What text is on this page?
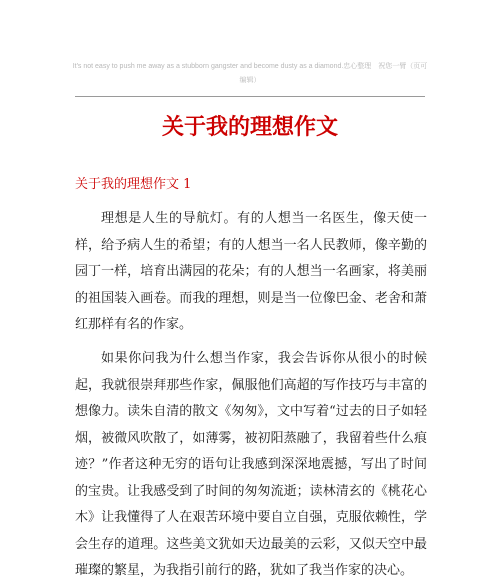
It's not easy to push me away as a stubborn gangster and become dusty as a diamond.忠心整理　祝您一臂（页可编辑）
关于我的理想作文
关于我的理想作文 1
理想是人生的导航灯。有的人想当一名医生，像天使一样，给予病人生的希望；有的人想当一名人民教师，像辛勤的园丁一样，培育出满园的花朵；有的人想当一名画家，将美丽的祖国装入画卷。而我的理想，则是当一位像巴金、老舍和萧红那样有名的作家。
如果你问我为什么想当作家，我会告诉你从很小的时候起，我就很崇拜那些作家，佩服他们高超的写作技巧与丰富的想像力。读朱自清的散文《匆匆》，文中写着“过去的日子如轻烟，被微风吹散了，如薄雾，被初阳蒸融了，我留着些什么痕迹？”作者这种无穷的语句让我感到深深地震撼，写出了时间的宝贵。让我感受到了时间的匆匆流逝；读林清玄的《桃花心木》让我懂得了人在艰苦环境中要自立自强，克服依赖性，学会生存的道理。这些美文犹如天边最美的云彩，又似天空中最璀璨的繁星，为我指引前行的路，犹如了我当作家的决心。
